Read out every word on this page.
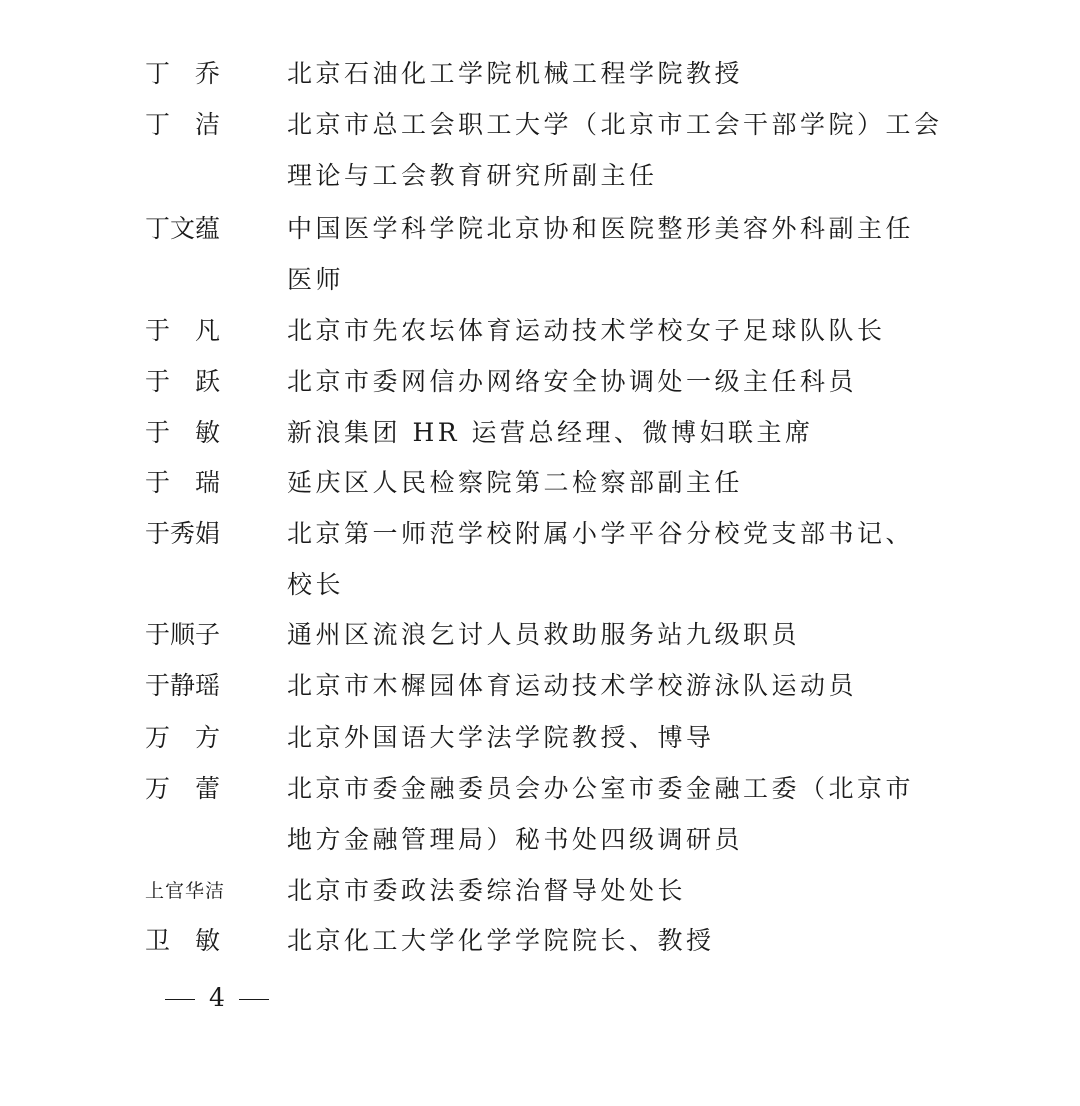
丁　乔	北京石油化工学院机械工程学院教授
丁　洁	北京市总工会职工大学（北京市工会干部学院）工会
理论与工会教育研究所副主任
丁文蕴	中国医学科学院北京协和医院整形美容外科副主任
医师
于　凡	北京市先农坛体育运动技术学校女子足球队队长
于　跃	北京市委网信办网络安全协调处一级主任科员
于　敏	新浪集团 HR 运营总经理、微博妇联主席
于　瑞	延庆区人民检察院第二检察部副主任
于秀娟	北京第一师范学校附属小学平谷分校党支部书记、
校长
于顺子	通州区流浪乞讨人员救助服务站九级职员
于静瑶	北京市木樨园体育运动技术学校游泳队运动员
万　方	北京外国语大学法学院教授、博导
万　蕾	北京市委金融委员会办公室市委金融工委（北京市
地方金融管理局）秘书处四级调研员
上官华洁	北京市委政法委综治督导处处长
卫　敏	北京化工大学化学学院院长、教授
4
